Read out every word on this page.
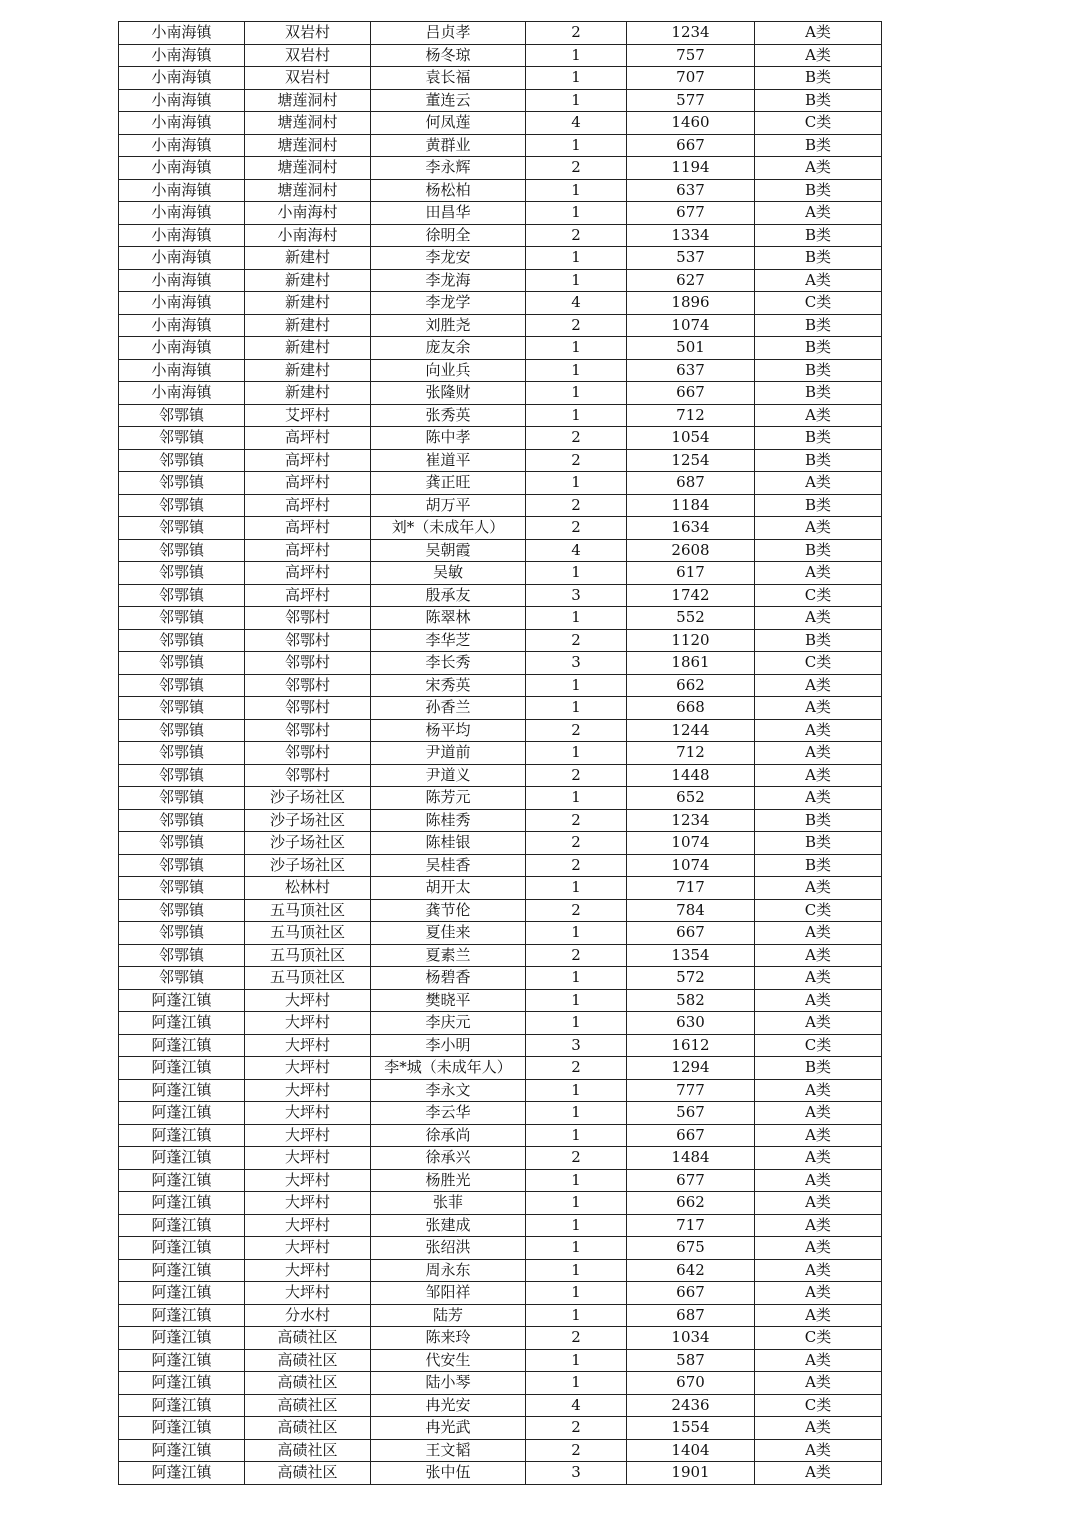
小南海镇	双岩村	吕贞孝	2	1234	A类
小南海镇	双岩村	杨冬琼	1	757	A类
小南海镇	双岩村	袁长福	1	707	B类
小南海镇	塘莲洞村	董连云	1	577	B类
小南海镇	塘莲洞村	何凤莲	4	1460	C类
小南海镇	塘莲洞村	黄群业	1	667	B类
小南海镇	塘莲洞村	李永辉	2	1194	A类
小南海镇	塘莲洞村	杨松柏	1	637	B类
小南海镇	小南海村	田昌华	1	677	A类
小南海镇	小南海村	徐明全	2	1334	B类
小南海镇	新建村	李龙安	1	537	B类
小南海镇	新建村	李龙海	1	627	A类
小南海镇	新建村	李龙学	4	1896	C类
小南海镇	新建村	刘胜尧	2	1074	B类
小南海镇	新建村	庞友余	1	501	B类
小南海镇	新建村	向业兵	1	637	B类
小南海镇	新建村	张隆财	1	667	B类
邻鄂镇	艾坪村	张秀英	1	712	A类
邻鄂镇	高坪村	陈中孝	2	1054	B类
邻鄂镇	高坪村	崔道平	2	1254	B类
邻鄂镇	高坪村	龚正旺	1	687	A类
邻鄂镇	高坪村	胡万平	2	1184	B类
邻鄂镇	高坪村	刘*（未成年人）	2	1634	A类
邻鄂镇	高坪村	吴朝霞	4	2608	B类
邻鄂镇	高坪村	吴敏	1	617	A类
邻鄂镇	高坪村	殷承友	3	1742	C类
邻鄂镇	邻鄂村	陈翠林	1	552	A类
邻鄂镇	邻鄂村	李华芝	2	1120	B类
邻鄂镇	邻鄂村	李长秀	3	1861	C类
邻鄂镇	邻鄂村	宋秀英	1	662	A类
邻鄂镇	邻鄂村	孙香兰	1	668	A类
邻鄂镇	邻鄂村	杨平均	2	1244	A类
邻鄂镇	邻鄂村	尹道前	1	712	A类
邻鄂镇	邻鄂村	尹道义	2	1448	A类
邻鄂镇	沙子场社区	陈芳元	1	652	A类
邻鄂镇	沙子场社区	陈桂秀	2	1234	B类
邻鄂镇	沙子场社区	陈桂银	2	1074	B类
邻鄂镇	沙子场社区	吴桂香	2	1074	B类
邻鄂镇	松林村	胡开太	1	717	A类
邻鄂镇	五马顶社区	龚节伦	2	784	C类
邻鄂镇	五马顶社区	夏佳来	1	667	A类
邻鄂镇	五马顶社区	夏素兰	2	1354	A类
邻鄂镇	五马顶社区	杨碧香	1	572	A类
阿蓬江镇	大坪村	樊晓平	1	582	A类
阿蓬江镇	大坪村	李庆元	1	630	A类
阿蓬江镇	大坪村	李小明	3	1612	C类
阿蓬江镇	大坪村	李*城（未成年人）	2	1294	B类
阿蓬江镇	大坪村	李永文	1	777	A类
阿蓬江镇	大坪村	李云华	1	567	A类
阿蓬江镇	大坪村	徐承尚	1	667	A类
阿蓬江镇	大坪村	徐承兴	2	1484	A类
阿蓬江镇	大坪村	杨胜光	1	677	A类
阿蓬江镇	大坪村	张菲	1	662	A类
阿蓬江镇	大坪村	张建成	1	717	A类
阿蓬江镇	大坪村	张绍洪	1	675	A类
阿蓬江镇	大坪村	周永东	1	642	A类
阿蓬江镇	大坪村	邹阳祥	1	667	A类
阿蓬江镇	分水村	陆芳	1	687	A类
阿蓬江镇	高碛社区	陈来玲	2	1034	C类
阿蓬江镇	高碛社区	代安生	1	587	A类
阿蓬江镇	高碛社区	陆小琴	1	670	A类
阿蓬江镇	高碛社区	冉光安	4	2436	C类
阿蓬江镇	高碛社区	冉光武	2	1554	A类
阿蓬江镇	高碛社区	王文韬	2	1404	A类
阿蓬江镇	高碛社区	张中伍	3	1901	A类
